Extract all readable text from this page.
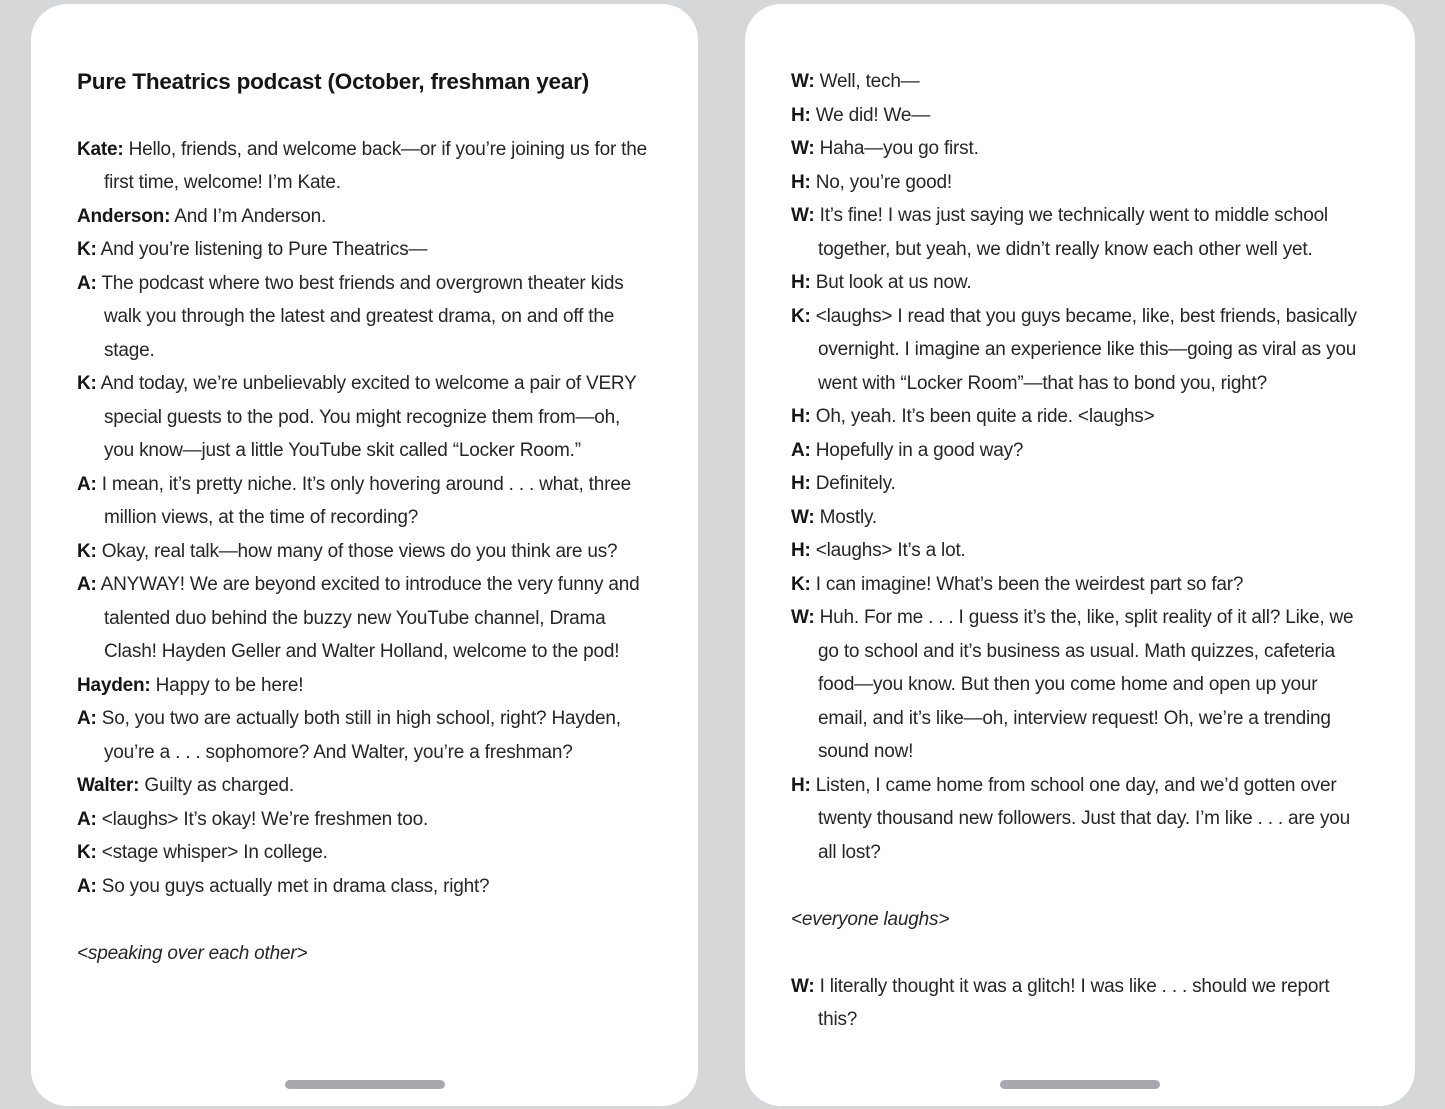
Pure Theatrics podcast (October, freshman year)

Kate: Hello, friends, and welcome back—or if you’re joining us for the first time, welcome! I’m Kate.

Anderson: And I’m Anderson.

K: And you’re listening to Pure Theatrics—

A: The podcast where two best friends and overgrown theater kids walk you through the latest and greatest drama, on and off the stage.

K: And today, we’re unbelievably excited to welcome a pair of VERY special guests to the pod. You might recognize them from—oh, you know—just a little YouTube skit called “Locker Room.”

A: I mean, it’s pretty niche. It’s only hovering around . . . what, three million views, at the time of recording?

K: Okay, real talk—how many of those views do you think are us?

A: ANYWAY! We are beyond excited to introduce the very funny and talented duo behind the buzzy new YouTube channel, Drama Clash! Hayden Geller and Walter Holland, welcome to the pod!

Hayden: Happy to be here!

A: So, you two are actually both still in high school, right? Hayden, you’re a . . . sophomore? And Walter, you’re a freshman?

Walter: Guilty as charged.

A: <laughs> It’s okay! We’re freshmen too.

K: <stage whisper> In college.

A: So you guys actually met in drama class, right?

<speaking over each other>

W: Well, tech—

H: We did! We—

W: Haha—you go first.

H: No, you’re good!

W: It’s fine! I was just saying we technically went to middle school together, but yeah, we didn’t really know each other well yet.

H: But look at us now.

K: <laughs> I read that you guys became, like, best friends, basically overnight. I imagine an experience like this—going as viral as you went with “Locker Room”—that has to bond you, right?

H: Oh, yeah. It’s been quite a ride. <laughs>

A: Hopefully in a good way?

H: Definitely.

W: Mostly.

H: <laughs> It’s a lot.

K: I can imagine! What’s been the weirdest part so far?

W: Huh. For me . . . I guess it’s the, like, split reality of it all? Like, we go to school and it’s business as usual. Math quizzes, cafeteria food—you know. But then you come home and open up your email, and it’s like—oh, interview request! Oh, we’re a trending sound now!

H: Listen, I came home from school one day, and we’d gotten over twenty thousand new followers. Just that day. I’m like . . . are you all lost?

<everyone laughs>

W: I literally thought it was a glitch! I was like . . . should we report this?
